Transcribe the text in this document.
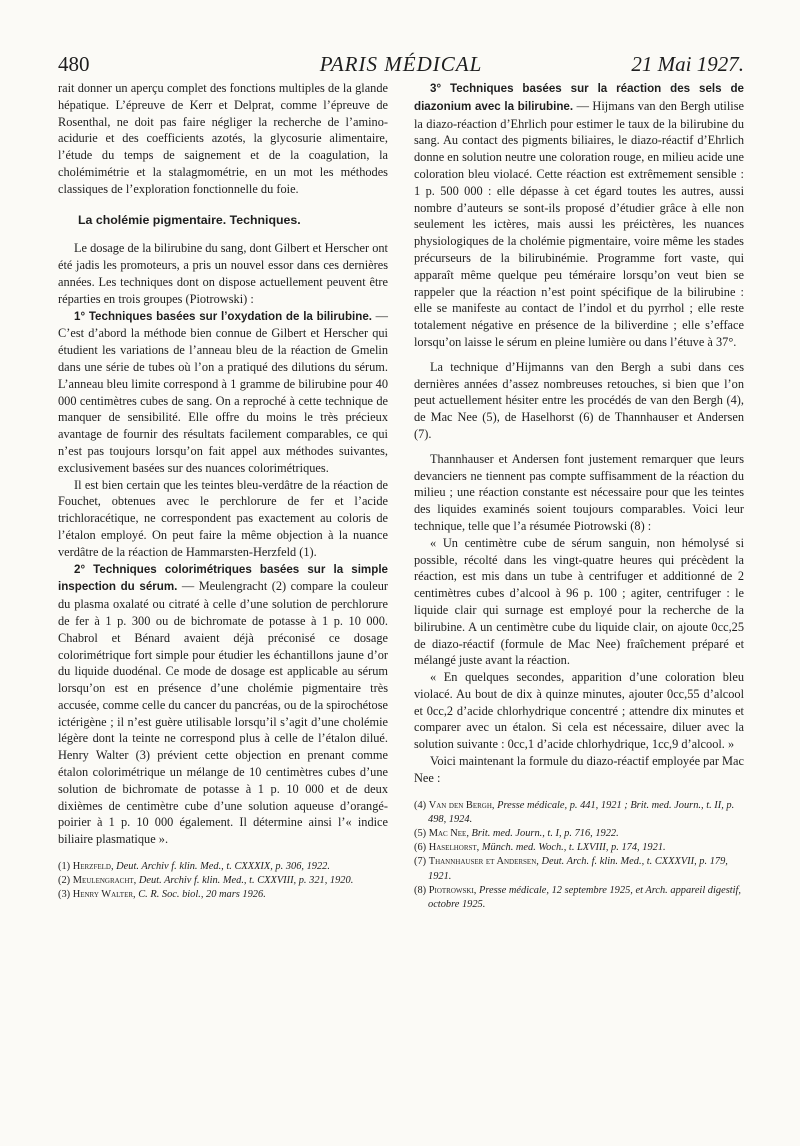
480	PARIS MÉDICAL	21 Mai 1927.

rait donner un aperçu complet des fonctions multiples de la glande hépatique. L’épreuve de Kerr et Delprat, comme l’épreuve de Rosenthal, ne doit pas faire négliger la recherche de l’amino-acidurie et des coefficients azotés, la glycosurie alimentaire, l’étude du temps de saignement et de la coagulation, la cholémimétrie et la stalagmométrie, en un mot les méthodes classiques de l’exploration fonctionnelle du foie.

La cholémie pigmentaire. Techniques.

Le dosage de la bilirubine du sang, dont Gilbert et Herscher ont été jadis les promoteurs, a pris un nouvel essor dans ces dernières années. Les techniques dont on dispose actuellement peuvent être réparties en trois groupes (Piotrowski) :

1° Techniques basées sur l’oxydation de la bilirubine. — C’est d’abord la méthode bien connue de Gilbert et Herscher qui étudient les variations de l’anneau bleu de la réaction de Gmelin dans une série de tubes où l’on a pratiqué des dilutions du sérum. L’anneau bleu limite correspond à 1 gramme de bilirubine pour 40 000 centimètres cubes de sang. On a reproché à cette technique de manquer de sensibilité. Elle offre du moins le très précieux avantage de fournir des résultats facilement comparables, ce qui n’est pas toujours lorsqu’on fait appel aux méthodes suivantes, exclusivement basées sur des nuances colorimétriques.

Il est bien certain que les teintes bleu-verdâtre de la réaction de Fouchet, obtenues avec le perchlorure de fer et l’acide trichloracétique, ne correspondent pas exactement au coloris de l’étalon employé. On peut faire la même objection à la nuance verdâtre de la réaction de Hammarsten-Herzfeld (1).

2° Techniques colorimétriques basées sur la simple inspection du sérum. — Meulengracht (2) compare la couleur du plasma oxalaté ou citraté à celle d’une solution de perchlorure de fer à 1 p. 300 ou de bichromate de potasse à 1 p. 10 000. Chabrol et Bénard avaient déjà préconisé ce dosage colorimétrique fort simple pour étudier les échantillons jaune d’or du liquide duodénal. Ce mode de dosage est applicable au sérum lorsqu’on est en présence d’une cholémie pigmentaire très accusée, comme celle du cancer du pancréas, ou de la spirochétose ictérigène ; il n’est guère utilisable lorsqu’il s’agit d’une cholémie légère dont la teinte ne correspond plus à celle de l’étalon dilué. Henry Walter (3) prévient cette objection en prenant comme étalon colorimétrique un mélange de 10 centimètres cubes d’une solution de bichromate de potasse à 1 p. 10 000 et de deux dixièmes de centimètre cube d’une solution aqueuse d’orangé-poirier à 1 p. 10 000 également. Il détermine ainsi l’« indice biliaire plasmatique ».

(1) Herzfeld, Deut. Archiv f. klin. Med., t. CXXXIX, p. 306, 1922.

(2) Meulengracht, Deut. Archiv f. klin. Med., t. CXXVIII, p. 321, 1920.

(3) Henry Walter, C. R. Soc. biol., 20 mars 1926.

3° Techniques basées sur la réaction des sels de diazonium avec la bilirubine. — Hijmans van den Bergh utilise la diazo-réaction d’Ehrlich pour estimer le taux de la bilirubine du sang. Au contact des pigments biliaires, le diazo-réactif d’Ehrlich donne en solution neutre une coloration rouge, en milieu acide une coloration bleu violacé. Cette réaction est extrêmement sensible : 1 p. 500 000 : elle dépasse à cet égard toutes les autres, aussi nombre d’auteurs se sont-ils proposé d’étudier grâce à elle non seulement les ictères, mais aussi les préictères, les nuances physiologiques de la cholémie pigmentaire, voire même les stades précurseurs de la bilirubinémie. Programme fort vaste, qui apparaît même quelque peu téméraire lorsqu’on veut bien se rappeler que la réaction n’est point spécifique de la bilirubine : elle se manifeste au contact de l’indol et du pyrrhol ; elle reste totalement négative en présence de la biliverdine ; elle s’efface lorsqu’on laisse le sérum en pleine lumière ou dans l’étuve à 37°.

La technique d’Hijmanns van den Bergh a subi dans ces dernières années d’assez nombreuses retouches, si bien que l’on peut actuellement hésiter entre les procédés de van den Bergh (4), de Mac Nee (5), de Haselhorst (6) de Thannhauser et Andersen (7).

Thannhauser et Andersen font justement remarquer que leurs devanciers ne tiennent pas compte suffisamment de la réaction du milieu ; une réaction constante est nécessaire pour que les teintes des liquides examinés soient toujours comparables. Voici leur technique, telle que l’a résumée Piotrowski (8) :

« Un centimètre cube de sérum sanguin, non hémolysé si possible, récolté dans les vingt-quatre heures qui précèdent la réaction, est mis dans un tube à centrifuger et additionné de 2 centimètres cubes d’alcool à 96 p. 100 ; agiter, centrifuger : le liquide clair qui surnage est employé pour la recherche de la bilirubine. A un centimètre cube du liquide clair, on ajoute 0cc,25 de diazo-réactif (formule de Mac Nee) fraîchement préparé et mélangé juste avant la réaction.

« En quelques secondes, apparition d’une coloration bleu violacé. Au bout de dix à quinze minutes, ajouter 0cc,55 d’alcool et 0cc,2 d’acide chlorhydrique concentré ; attendre dix minutes et comparer avec un étalon. Si cela est nécessaire, diluer avec la solution suivante : 0cc,1 d’acide chlorhydrique, 1cc,9 d’alcool. »

Voici maintenant la formule du diazo-réactif employée par Mac Nee :

(4) Van den Bergh, Presse médicale, p. 441, 1921 ; Brit. med. Journ., t. II, p. 498, 1924.

(5) Mac Nee, Brit. med. Journ., t. I, p. 716, 1922.

(6) Haselhorst, Münch. med. Woch., t. LXVIII, p. 174, 1921.

(7) Thannhauser et Andersen, Deut. Arch. f. klin. Med., t. CXXXVII, p. 179, 1921.

(8) Piotrowski, Presse médicale, 12 septembre 1925, et Arch. appareil digestif, octobre 1925.
